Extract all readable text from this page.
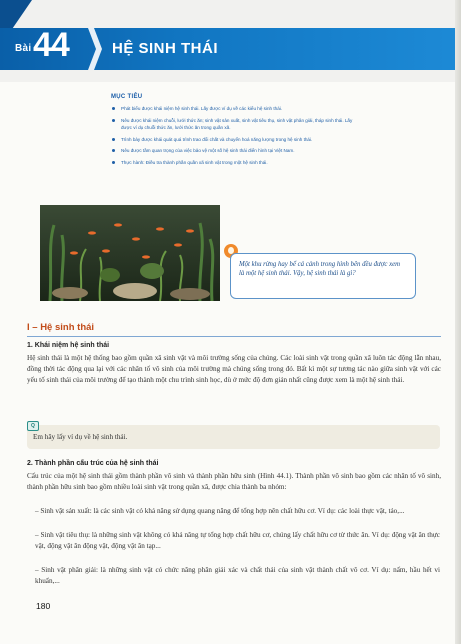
Bài 44	HỆ SINH THÁI
MỤC TIÊU
Phát biểu được khái niệm hệ sinh thái. Lấy được ví dụ về các kiểu hệ sinh thái.
Nêu được khái niệm chuỗi, lưới thức ăn; sinh vật sản xuất, sinh vật tiêu thụ, sinh vật phân giải, tháp sinh thái. Lấy được ví dụ chuỗi thức ăn, lưới thức ăn trong quần xã.
Trình bày được khái quát quá trình trao đổi chất và chuyển hoá năng lượng trong hệ sinh thái.
Nêu được tầm quan trọng của việc bảo vệ một số hệ sinh thái điển hình tại Việt Nam.
Thực hành: Điều tra thành phần quần xã sinh vật trong một hệ sinh thái.
Một khu rừng hay bể cá cảnh trong hình bên đều được xem là một hệ sinh thái. Vậy, hệ sinh thái là gì?
I – Hệ sinh thái
1. Khái niệm hệ sinh thái
Hệ sinh thái là một hệ thống bao gồm quần xã sinh vật và môi trường sống của chúng. Các loài sinh vật trong quần xã luôn tác động lẫn nhau, đồng thời tác động qua lại với các nhân tố vô sinh của môi trường mà chúng sống trong đó. Bất kì một sự tương tác nào giữa sinh vật với các yếu tố sinh thái của môi trường để tạo thành một chu trình sinh học, dù ở mức độ đơn giản nhất cũng được xem là một hệ sinh thái.
Q
Em hãy lấy ví dụ về hệ sinh thái.
2. Thành phần cấu trúc của hệ sinh thái
Cấu trúc của một hệ sinh thái gồm thành phần vô sinh và thành phần hữu sinh (Hình 44.1). Thành phần vô sinh bao gồm các nhân tố vô sinh, thành phần hữu sinh bao gồm nhiều loài sinh vật trong quần xã, được chia thành ba nhóm:
– Sinh vật sản xuất: là các sinh vật có khả năng sử dụng quang năng để tổng hợp nên chất hữu cơ. Ví dụ: các loài thực vật, tảo,...
– Sinh vật tiêu thụ: là những sinh vật không có khả năng tự tổng hợp chất hữu cơ, chúng lấy chất hữu cơ từ thức ăn. Ví dụ: động vật ăn thực vật, động vật ăn động vật, động vật ăn tạp...
– Sinh vật phân giải: là những sinh vật có chức năng phân giải xác và chất thải của sinh vật thành chất vô cơ. Ví dụ: nấm, hầu hết vi khuẩn,...
180
